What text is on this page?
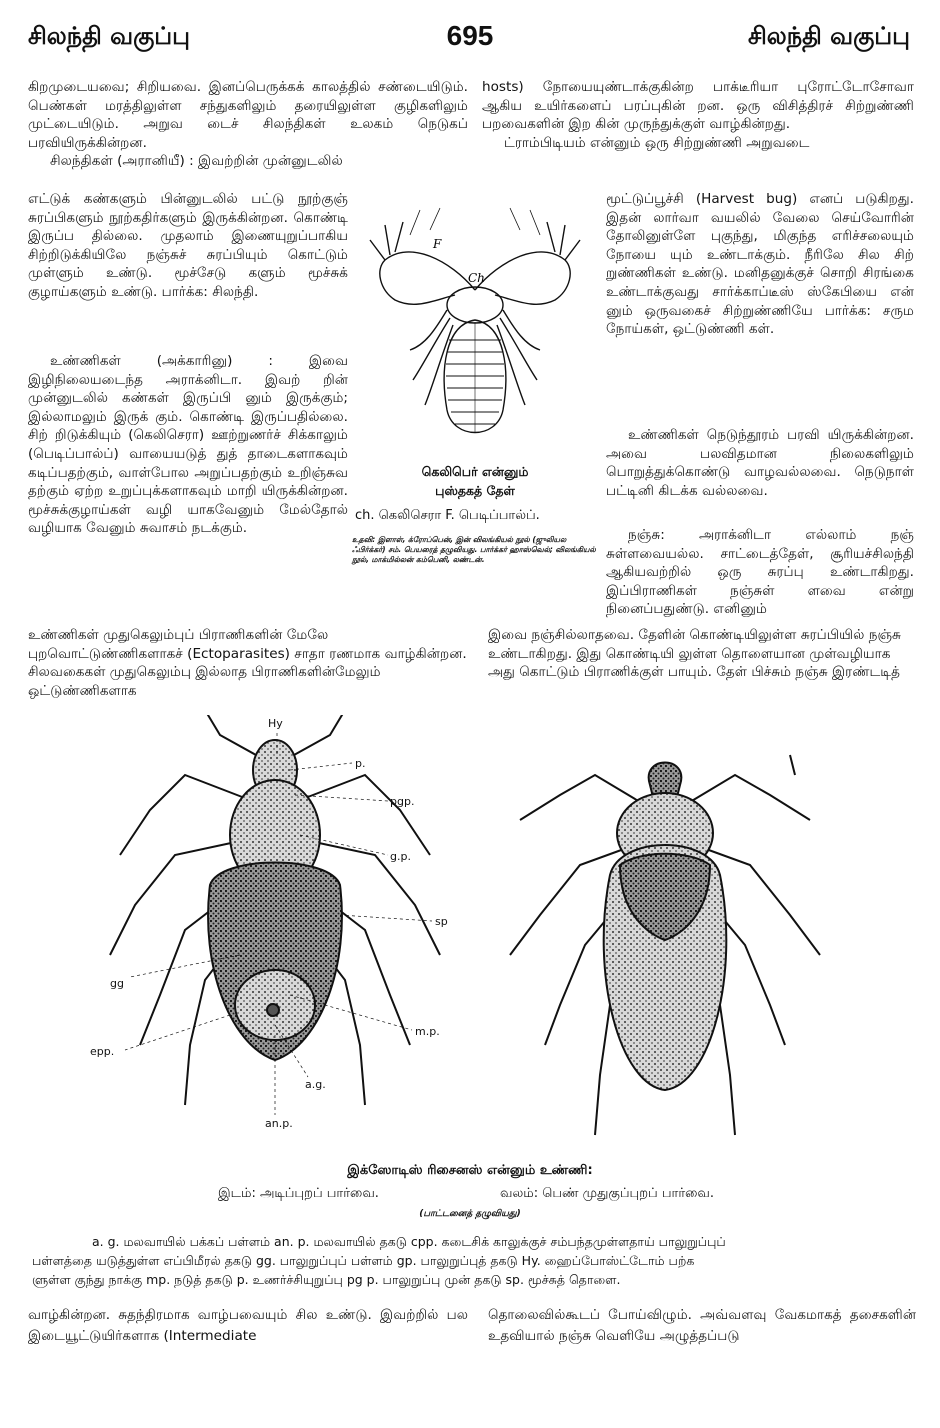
சிலந்தி வகுப்பு	695	சிலந்தி வகுப்பு

கிறமுடையவை; சிறியவை. இனப்பெருக்கக் காலத்தில் சண்டையிடும். பெண்கள் மரத்திலுள்ள சந்துகளிலும் தரையிலுள்ள குழிகளிலும் முட்டையிடும். அறுவ டைச் சிலந்திகள் உலகம் நெடுகப் பரவியிருக்கின்றன.

சிலந்திகள் (அரானியீ) : இவற்றின் முன்னுடலில்

எட்டுக் கண்களும் பின்னுடலில் பட்டு நூற்குஞ் சுரப்பிகளும் நூற்கதிர்களும் இருக்கின்றன. கொண்டி இருப்ப தில்லை. முதலாம் இணையுறுப்பாகிய சிற்றிடுக்கியிலே நஞ்சுச் சுரப்பியும் கொட்டும் முள்ளும் உண்டு. மூச்சேடு களும் மூச்சுக் குழாய்களும் உண்டு. பார்க்க: சிலந்தி.
உண்ணிகள் (அக்காரினு) : இவை இழிநிலையடைந்த அராக்னிடா. இவற் றின் முன்னுடலில் கண்கள் இருப்பி னும் இருக்கும்; இல்லாமலும் இருக் கும். கொண்டி இருப்பதில்லை. சிற் றிடுக்கியும் (கெலிசெரா) ஊற்றுணர்ச் சிக்காலும் (பெடிப்பால்ப்) வாயையடுத் துத் தாடைகளாகவும் கடிப்பதற்கும், வாள்போல அறுப்பதற்கும் உறிஞ்சுவ தற்கும் ஏற்ற உறுப்புக்களாகவும் மாறி யிருக்கின்றன. மூச்சுக்குழாய்கள் வழி யாகவேனும் மேல்தோல் வழியாக வேனும் சுவாசம் நடக்கும்.
உண்ணிகள் முதுகெலும்புப் பிராணிகளின் மேலே புறவொட்டுண்ணிகளாகச் (Ectoparasites) சாதா ரணமாக வாழ்கின்றன. சிலவகைகள் முதுகெலும்பு இல்லாத பிராணிகளின்மேலும் ஒட்டுண்ணிகளாக

hosts) நோயையுண்டாக்குகின்ற பாக்டீரியா புரோட்டோசோவா ஆகிய உயிர்களைப் பரப்புகின் றன. ஒரு விசித்திரச் சிற்றுண்ணி பறவைகளின் இற கின் முருந்துக்குள் வாழ்கின்றது.

ட்ராம்பிடியம் என்னும் ஒரு சிற்றுண்ணி அறுவடை

மூட்டுப்பூச்சி (Harvest bug) எனப் படுகிறது. இதன் லார்வா வயலில் வேலை செய்வோரின் தோலினுள்ளே புகுந்து, மிகுந்த எரிச்சலையும் நோயை யும் உண்டாக்கும். நீரிலே சில சிற் றுண்ணிகள் உண்டு. மனிதனுக்குச் சொறி சிரங்கை உண்டாக்குவது சார்க்காப்டீஸ் ஸ்கேபியை என் னும் ஒருவகைச் சிற்றுண்ணியே பார்க்க: சரும நோய்கள், ஒட்டுண்ணி கள்.
உண்ணிகள் நெடுந்தூரம் பரவி யிருக்கின்றன. அவை பலவிதமான நிலைகளிலும் பொறுத்துக்கொண்டு வாழவல்லவை. நெடுநாள் பட்டினி கிடக்க வல்லவை.
நஞ்சு: அராக்னிடா எல்லாம் நஞ் சுள்ளவையல்ல. சாட்டைத்தேள், சூரியச்சிலந்தி ஆகியவற்றில் ஒரு சுரப்பு உண்டாகிறது. இப்பிராணிகள் நஞ்சுள் ளவை என்று நினைப்பதுண்டு. எனினும்
இவை நஞ்சில்லாதவை. தேளின் கொண்டியிலுள்ள சுரப்பியில் நஞ்சு உண்டாகிறது. இது கொண்டியி லுள்ள தொளையான முள்வழியாக அது கொட்டும் பிராணிக்குள் பாயும். தேள் பிச்சும் நஞ்சு இரண்டடித்
F
Ch
கெலிபெர் என்னும்
புஸ்தகத் தேள்
ch. கெலிசெரா F. பெடிப்பால்ப்.
உதவி: இளாள், க்ரோப்பென், இன் விலங்கியல் நூல் (ஜுலியல ஃபிர்க்கர்) சம். பெயரைத் தழுவியது. பார்க்கர் ஹாஸ்வெல்; விலங்கியல் நூல், மாக்மில்லன் கம்பெனி, லண்டன்.
Hy
p.
pgp.
g.p.
sp
gg
m.p.
epp.
a.g.
an.p.
இக்ஸோடிஸ் ரிசைனஸ் என்னும் உண்ணி:
இடம்: அடிப்புறப் பார்வை.	வலம்: பெண் முதுகுப்புறப் பார்வை.
(பாட்டனைத் தழுவியது)
a. g. மலவாயில் பக்கப் பள்ளம் an. p. மலவாயில் தகடு cpp. கடைசிக் காலுக்குச் சம்பந்தமுள்ளதாய் பாலுறுப்புப்
பள்ளத்தை யடுத்துள்ள எப்பிமீரல் தகடு gg. பாலுறுப்புப் பள்ளம் gp. பாலுறுப்புத் தகடு Hy. ஹைப்போஸ்ட்டோம் பற்க
ளுள்ள குந்து நாக்கு mp. நடுத் தகடு p. உணர்ச்சியுறுப்பு pg p. பாலுறுப்பு முன் தகடு sp. மூச்சுத் தொளை.
வாழ்கின்றன. சுதந்திரமாக வாழ்பவையும் சில உண்டு. இவற்றில் பல இடையூட்டுயிர்களாக (Intermediate
தொலைவில்கூடப் போய்விழும். அவ்வளவு வேகமாகத் தசைகளின் உதவியால் நஞ்சு வெளியே அழுத்தப்படு
